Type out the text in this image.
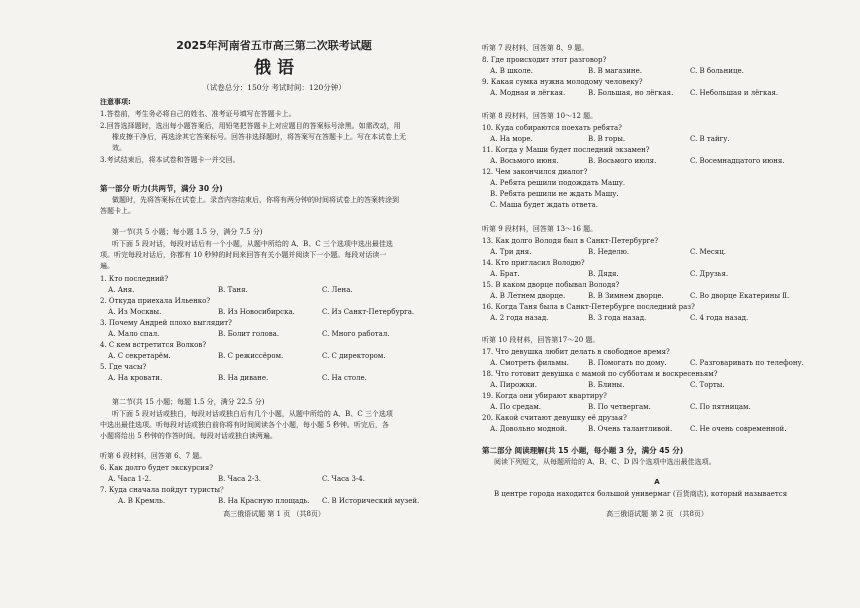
2025年河南省五市高三第二次联考试题
俄 语
（试卷总分：150分 考试时间：120分钟）
注意事项:
1.答卷前，考生务必将自己的姓名、准考证号填写在答题卡上。
2.回答选择题时，选出每小题答案后，用铅笔把答题卡上对应题目的答案标号涂黑。如需改动，用
橡皮擦干净后，再选涂其它答案标号。回答非选择题时，将答案写在答题卡上。写在本试卷上无
效。
3.考试结束后，将本试卷和答题卡一并交回。
第一部分 听力(共两节，满分 30 分)
做题时，先将答案标在试卷上。录音内容结束后，你将有两分钟的时间将试卷上的答案转涂到
答题卡上。
第一节(共 5 小题；每小题 1.5 分，满分 7.5 分)
听下面 5 段对话，每段对话后有一个小题，从题中所给的 A、B、C 三个选项中选出最佳选
项。听完每段对话后，你都有 10 秒钟的时间来回答有关小题并阅读下一小题。每段对话读一
遍。
1. Кто последний?
А. Аня.	B. Таня.	C. Лена.
2. Откуда приехала Ильенко?
А. Из Москвы.	B. Из Новосибирска.	C. Из Санкт-Петербурга.
3. Почему Андрей плохо выглядит?
А. Мало спал.	B. Болит голова.	C. Много работал.
4. С кем встретится Волков?
А. С секретарём.	B. С режиссёром.	C. С директором.
5. Где часы?
А. На кровати.	B. На диване.	C. На столе.
第二节(共 15 小题；每题 1.5 分，满分 22.5 分)
听下面 5 段对话或独白，每段对话或独白后有几个小题，从题中所给的 A、B、C 三个选项
中选出最佳选项。听每段对话或独白前你将有时间阅读各个小题，每小题 5 秒钟。听完后，各
小题将给出 5 秒钟的作答时间。每段对话或独白读两遍。
听第 6 段材料，回答第 6、7 题。
6. Как долго будет экскурсия?
А. Часа 1-2.	B. Часа 2-3.	C. Часа 3-4.
7. Куда сначала пойдут туристы？
А. В Кремль.	B. На Красную площадь. C. В Исторический музей.
高三俄语试题 第 1 页 （共8页）
听第 7 段材料，回答第 8、9 题。
8. Где происходит этот разговор?
А. В школе.	B. В магазине.	C. В больнице.
9. Какая сумка нужна молодому человеку?
А. Модная и лёгкая.	B. Большая, но лёгкая. C. Небольшая и лёгкая.
听第 8 段材料，回答第 10～12 题。
10. Куда собираются поехать ребята?
А. На море.	B. В горы.	C. В тайгу.
11. Когда у Маши будет последний экзамен?
А. Восьмого июня.	B. Восьмого июля.	C. Восемнадцатого июня.
12. Чем закончился диалог?
А. Ребята решили подождать Машу.
B. Ребята решили не ждать Машу.
C. Маша будет ждать ответа.
听第 9 段材料，回答第 13～16 题。
13. Как долго Володя был в Санкт-Петербурге?
А. Три дня.	B. Неделю.	C. Месяц.
14. Кто пригласил Володю?
А. Брат.	B. Дядя.	C. Друзья.
15. В каком дворце побывал Володя?
А. В Летнем дворце.	B. В Зимнем дворце.	C. Во дворце Екатерины Ⅱ.
16. Когда Таня была в Санкт-Петербурге последний раз?
А. 2 года назад.	B. 3 года назад.	C. 4 года назад.
听第 10 段材料，回答第17～20 题。
17. Что девушка любит делать в свободное время?
А. Смотреть фильмы.	B. Помогать по дому.	C. Разговаривать по телефону.
18. Что готовит девушка с мамой по субботам и воскресеньям?
А. Пирожки.	B. Блины.	C. Торты.
19. Когда они убирают квартиру?
А. По средам.	B. По четвергам.	C. По пятницам.
20. Какой считают девушку её друзья?
А. Довольно модной.	B. Очень талантливой.	C. Не очень современной.
第二部分 阅读理解(共 15 小题，每小题 3 分，满分 45 分)
阅读下列短文，从每题所给的 A、B、C、D 四个选项中选出最佳选项。
А
В центре города находится большой универмаг (百货商店), который называется
高三俄语试题 第 2 页 （共8页）
